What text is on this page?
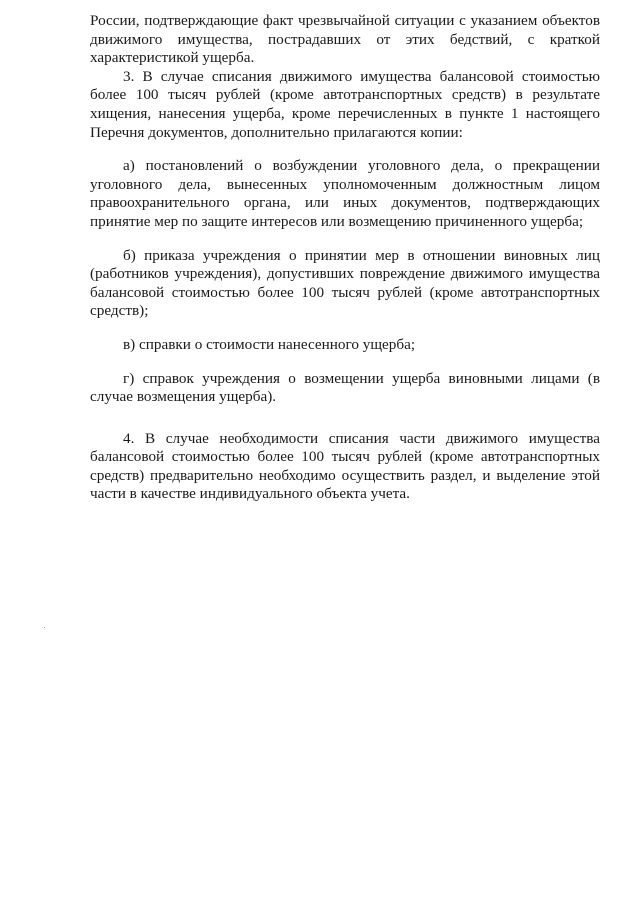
России, подтверждающие факт чрезвычайной ситуации с указанием объектов движимого имущества, пострадавших от этих бедствий, с краткой характеристикой ущерба.

3. В случае списания движимого имущества балансовой стоимостью более 100 тысяч рублей (кроме автотранспортных средств) в результате хищения, нанесения ущерба, кроме перечисленных в пункте 1 настоящего Перечня документов, дополнительно прилагаются копии:

а) постановлений о возбуждении уголовного дела, о прекращении уголовного дела, вынесенных уполномоченным должностным лицом правоохранительного органа, или иных документов, подтверждающих принятие мер по защите интересов или возмещению причиненного ущерба;

б) приказа учреждения о принятии мер в отношении виновных лиц (работников учреждения), допустивших повреждение движимого имущества балансовой стоимостью более 100 тысяч рублей (кроме автотранспортных средств);

в) справки о стоимости нанесенного ущерба;

г) справок учреждения о возмещении ущерба виновными лицами (в случае возмещения ущерба).

4. В случае необходимости списания части движимого имущества балансовой стоимостью более 100 тысяч рублей (кроме автотранспортных средств) предварительно необходимо осуществить раздел, и выделение этой части в качестве индивидуального объекта учета.
